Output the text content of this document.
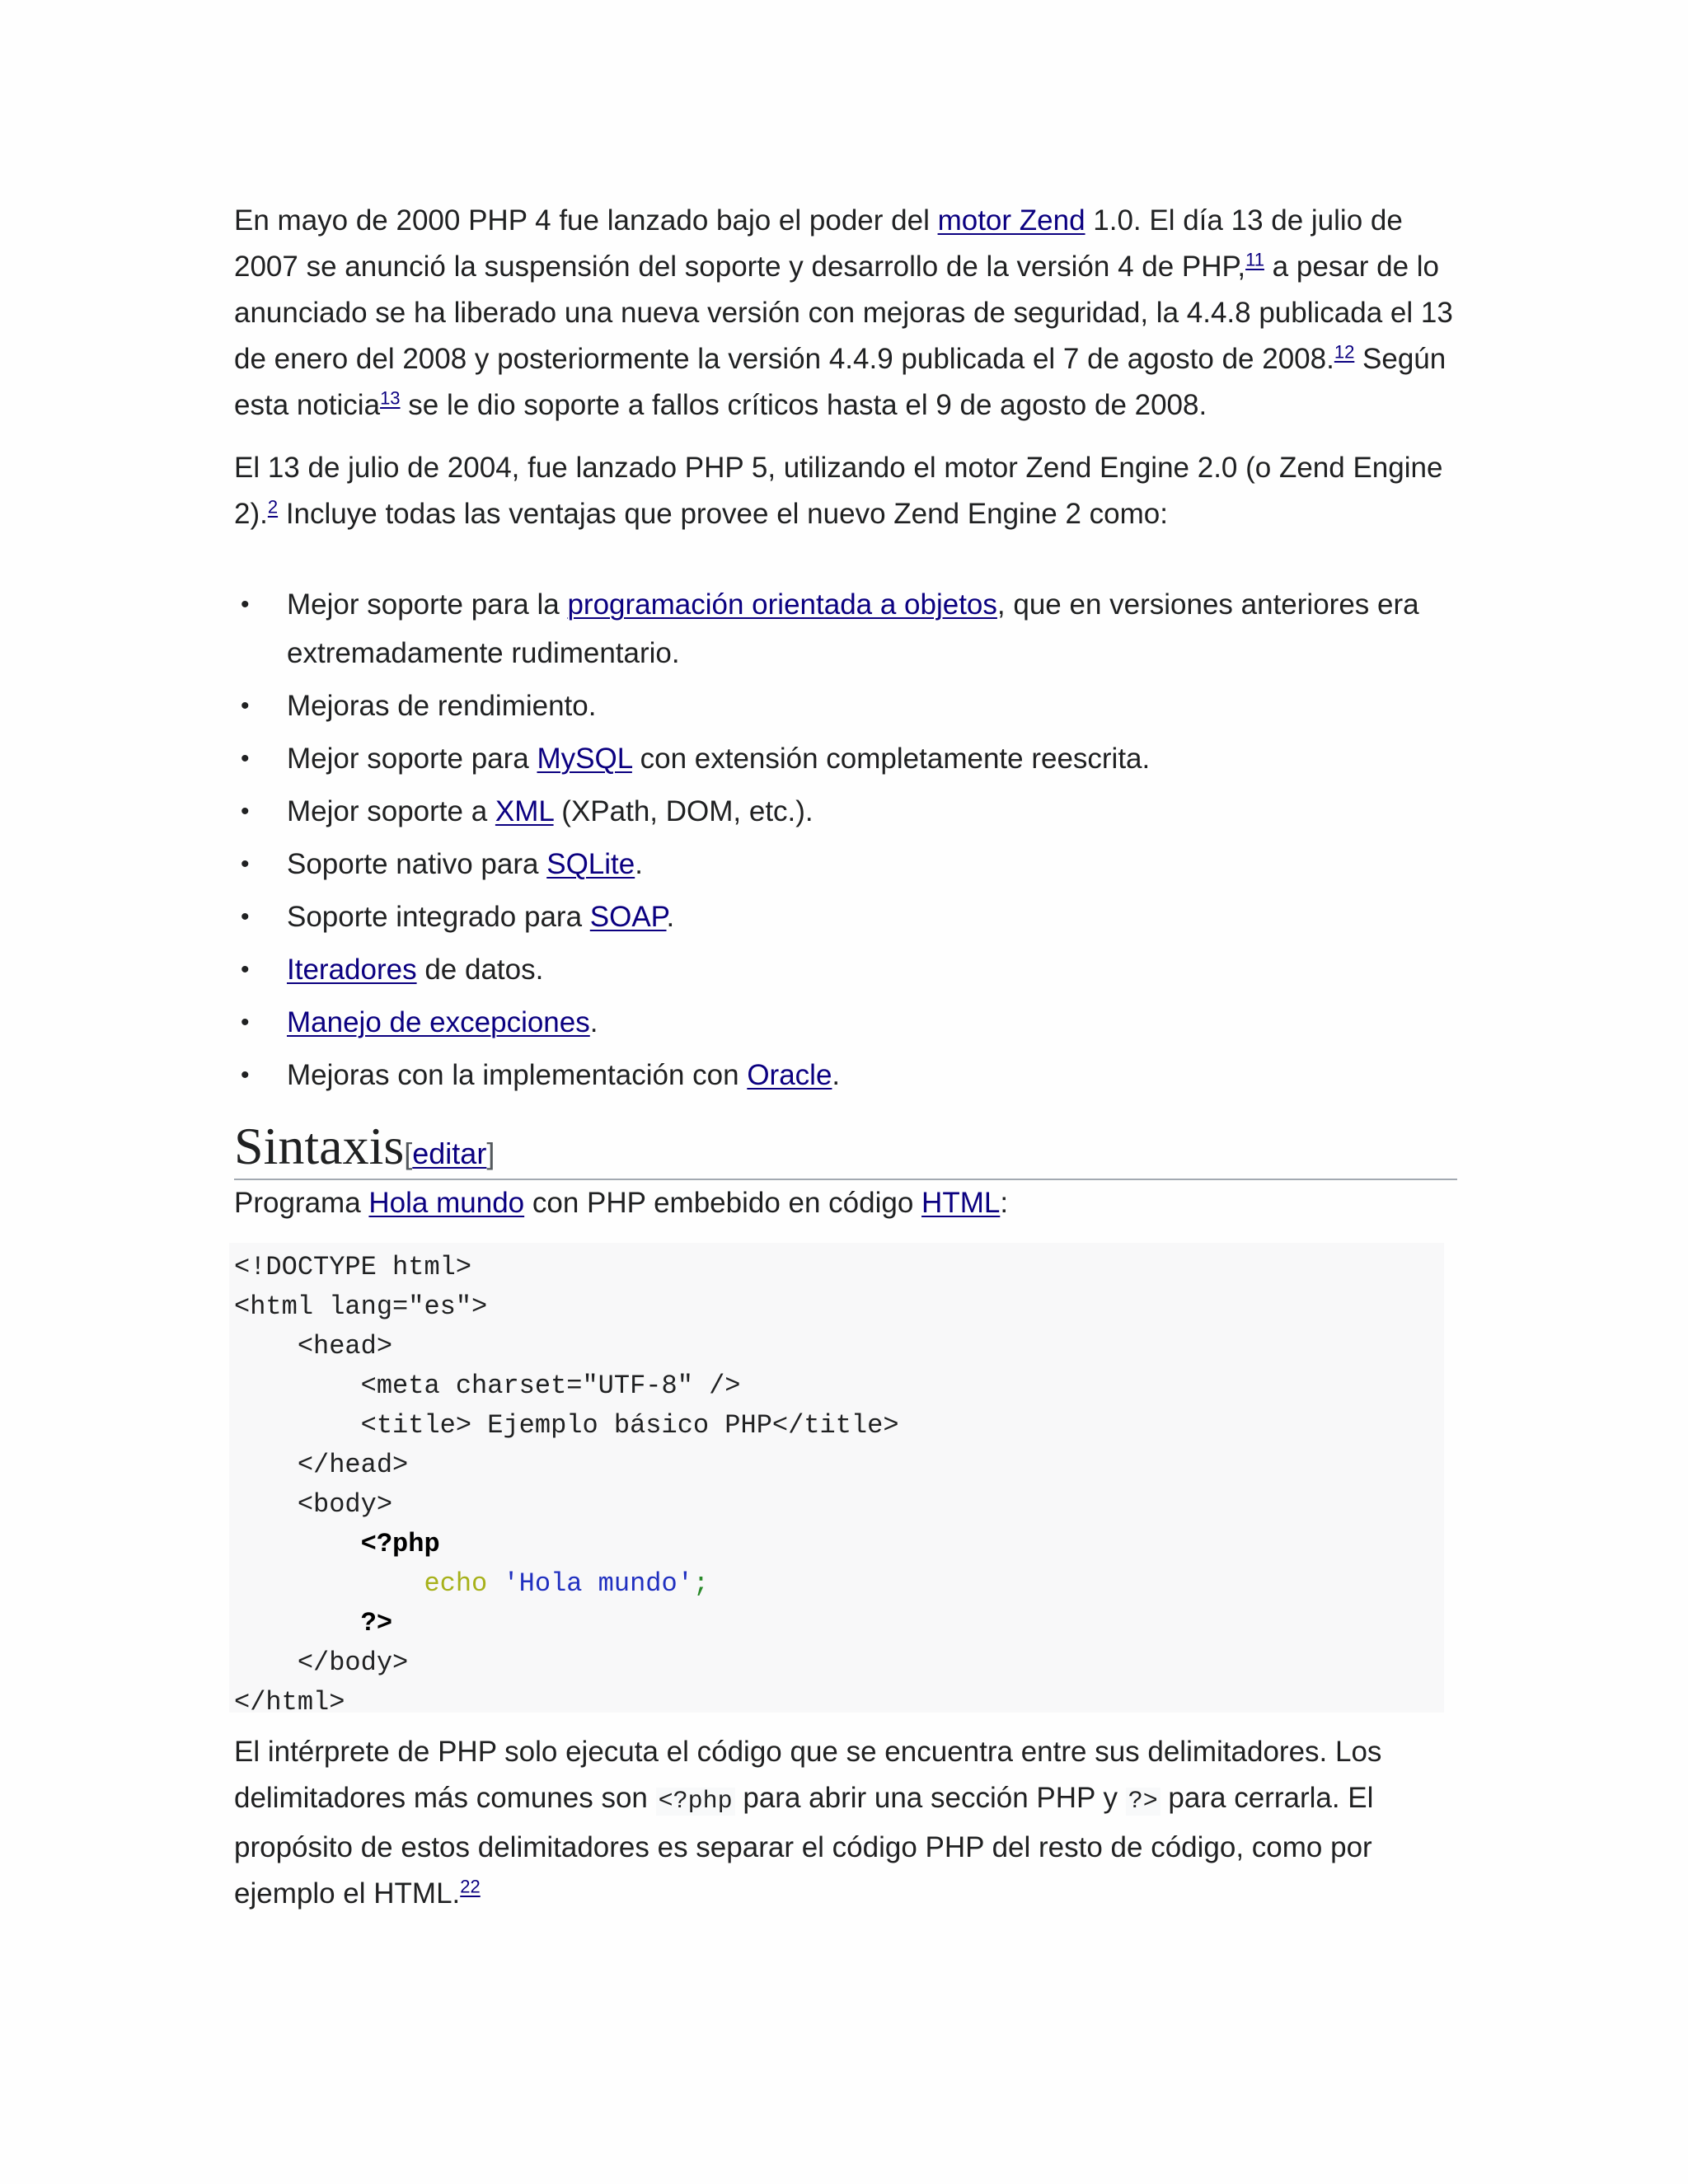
En mayo de 2000 PHP 4 fue lanzado bajo el poder del motor Zend 1.0. El día 13 de julio de 2007 se anunció la suspensión del soporte y desarrollo de la versión 4 de PHP,$^{11}$ a pesar de lo anunciado se ha liberado una nueva versión con mejoras de seguridad, la 4.4.8 publicada el 13 de enero del 2008 y posteriormente la versión 4.4.9 publicada el 7 de agosto de 2008.12 Según esta noticia$^{13}$ se le dio soporte a fallos críticos hasta el 9 de agosto de 2008.

El 13 de julio de 2004, fue lanzado PHP 5, utilizando el motor Zend Engine 2.0 (o Zend Engine 2).$^2$ Incluye todas las ventajas que provee el nuevo Zend Engine 2 como:

• Mejor soporte para la programación orientada a objetos, que en versiones anteriores era extremadamente rudimentario.
• Mejoras de rendimiento.
• Mejor soporte para MySQL con extensión completamente reescrita.
• Mejor soporte a XML (XPath, DOM, etc.).
• Soporte nativo para SQLite.
• Soporte integrado para SOAP.
• Iteradores de datos.
• Manejo de excepciones.
• Mejoras con la implementación con Oracle.
Sintaxis[editar]

Programa Hola mundo con PHP embebido en código HTML:

<!DOCTYPE html>
<html lang="es">
<head>
<meta charset="UTF-8" />
<title> Ejemplo básico PHP</title>
</head>
<body>
<?php
echo 'Hola mundo';
?>
</body>
</html>

El intérprete de PHP solo ejecuta el código que se encuentra entre sus delimitadores. Los delimitadores más comunes son <?php para abrir una sección PHP y ?> para cerrarla. El propósito de estos delimitadores es separar el código PHP del resto de código, como por ejemplo el HTML.$^{22}$
